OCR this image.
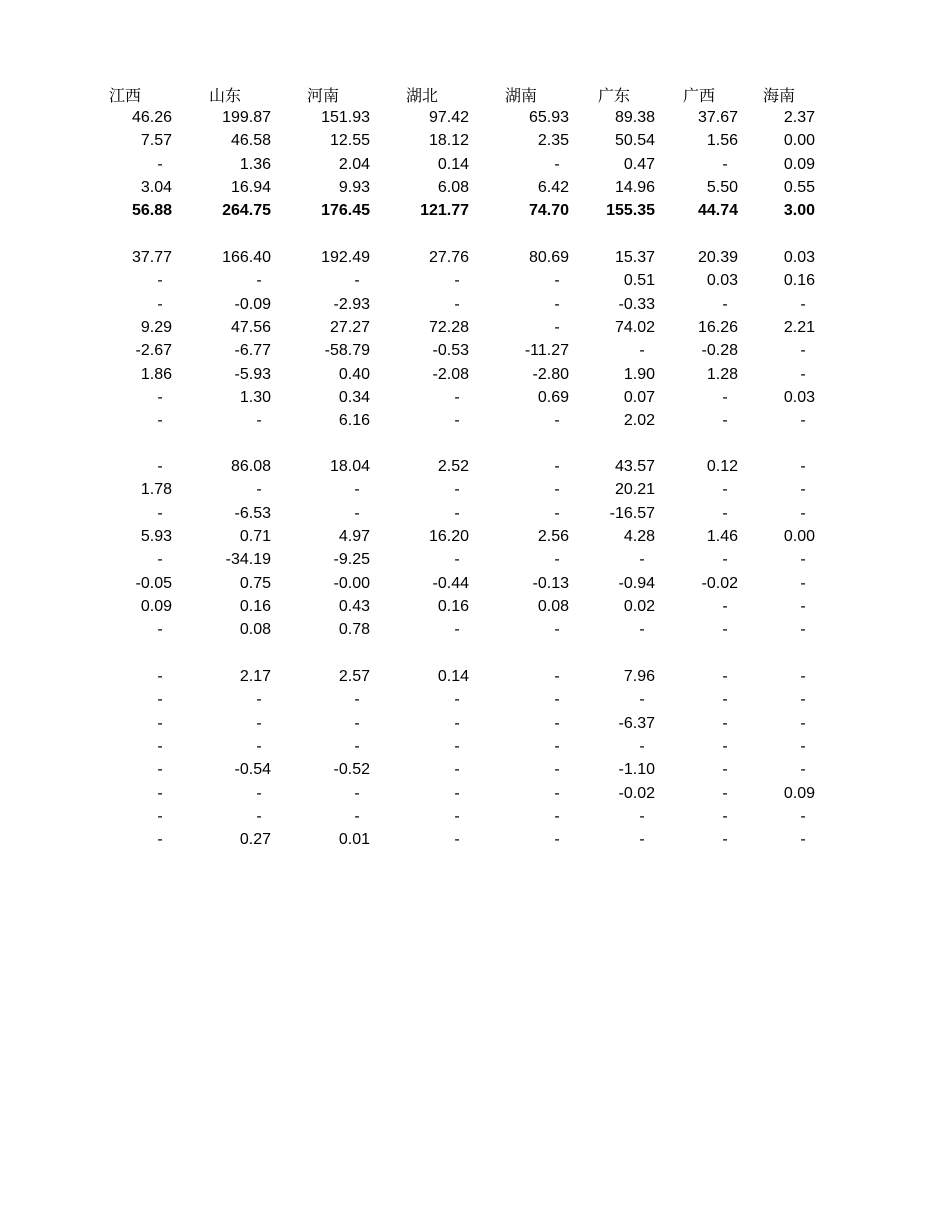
江西	山东	河南	湖北	湖南	广东	广西	海南
46.26	199.87	151.93	97.42	65.93	89.38	37.67	2.37
7.57	46.58	12.55	18.12	2.35	50.54	1.56	0.00
-	1.36	2.04	0.14	-	0.47	-	0.09
3.04	16.94	9.93	6.08	6.42	14.96	5.50	0.55
56.88	264.75	176.45	121.77	74.70	155.35	44.74	3.00
37.77	166.40	192.49	27.76	80.69	15.37	20.39	0.03
-	-	-	-	-	0.51	0.03	0.16
-	-0.09	-2.93	-	-	-0.33	-	-
9.29	47.56	27.27	72.28	-	74.02	16.26	2.21
-2.67	-6.77	-58.79	-0.53	-11.27	-	-0.28	-
1.86	-5.93	0.40	-2.08	-2.80	1.90	1.28	-
-	1.30	0.34	-	0.69	0.07	-	0.03
-	-	6.16	-	-	2.02	-	-
-	86.08	18.04	2.52	-	43.57	0.12	-
1.78	-	-	-	-	20.21	-	-
-	-6.53	-	-	-	-16.57	-	-
5.93	0.71	4.97	16.20	2.56	4.28	1.46	0.00
-	-34.19	-9.25	-	-	-	-	-
-0.05	0.75	-0.00	-0.44	-0.13	-0.94	-0.02	-
0.09	0.16	0.43	0.16	0.08	0.02	-	-
-	0.08	0.78	-	-	-	-	-
-	2.17	2.57	0.14	-	7.96	-	-
-	-	-	-	-	-	-	-
-	-	-	-	-	-6.37	-	-
-	-	-	-	-	-	-	-
-	-0.54	-0.52	-	-	-1.10	-	-
-	-	-	-	-	-0.02	-	0.09
-	-	-	-	-	-	-	-
-	0.27	0.01	-	-	-	-	-
